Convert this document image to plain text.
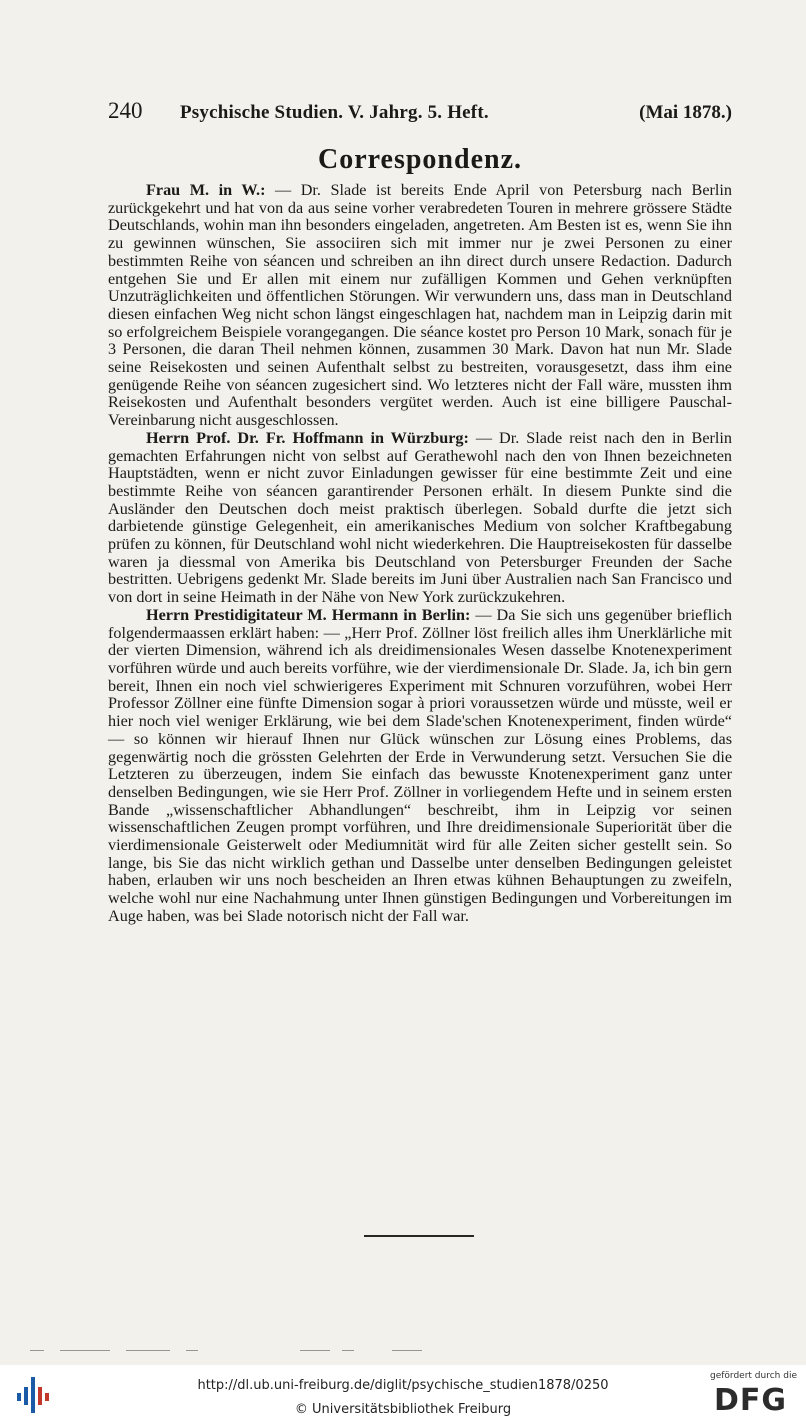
240 Psychische Studien. V. Jahrg. 5. Heft.	(Mai 1878.)
Correspondenz.

Frau M. in W.: — Dr. Slade ist bereits Ende April von Petersburg nach Berlin zurückgekehrt und hat von da aus seine vorher verabredeten Touren in mehrere grössere Städte Deutschlands, wohin man ihn besonders eingeladen, angetreten. Am Besten ist es, wenn Sie ihn zu gewinnen wünschen, Sie associiren sich mit immer nur je zwei Personen zu einer bestimmten Reihe von séancen und schreiben an ihn direct durch unsere Redaction. Dadurch entgehen Sie und Er allen mit einem nur zufälligen Kommen und Gehen verknüpften Unzuträglichkeiten und öffentlichen Störungen. Wir verwundern uns, dass man in Deutschland diesen einfachen Weg nicht schon längst eingeschlagen hat, nachdem man in Leipzig darin mit so erfolgreichem Beispiele vorangegangen. Die séance kostet pro Person 10 Mark, sonach für je 3 Personen, die daran Theil nehmen können, zusammen 30 Mark. Davon hat nun Mr. Slade seine Reisekosten und seinen Aufenthalt selbst zu bestreiten, vorausgesetzt, dass ihm eine genügende Reihe von séancen zugesichert sind. Wo letzteres nicht der Fall wäre, mussten ihm Reisekosten und Aufenthalt besonders vergütet werden. Auch ist eine billigere Pauschal-Vereinbarung nicht ausgeschlossen.

Herrn Prof. Dr. Fr. Hoffmann in Würzburg: — Dr. Slade reist nach den in Berlin gemachten Erfahrungen nicht von selbst auf Gerathewohl nach den von Ihnen bezeichneten Hauptstädten, wenn er nicht zuvor Einladungen gewisser für eine bestimmte Zeit und eine bestimmte Reihe von séancen garantirender Personen erhält. In diesem Punkte sind die Ausländer den Deutschen doch meist praktisch überlegen. Sobald durfte die jetzt sich darbietende günstige Gelegenheit, ein amerikanisches Medium von solcher Kraftbegabung prüfen zu können, für Deutschland wohl nicht wiederkehren. Die Hauptreisekosten für dasselbe waren ja diessmal von Amerika bis Deutschland von Petersburger Freunden der Sache bestritten. Uebrigens gedenkt Mr. Slade bereits im Juni über Australien nach San Francisco und von dort in seine Heimath in der Nähe von New York zurückzukehren.

Herrn Prestidigitateur M. Hermann in Berlin: — Da Sie sich uns gegenüber brieflich folgendermaassen erklärt haben: — „Herr Prof. Zöllner löst freilich alles ihm Unerklärliche mit der vierten Dimension, während ich als dreidimensionales Wesen dasselbe Knotenexperiment vorführen würde und auch bereits vorführe, wie der vierdimensionale Dr. Slade. Ja, ich bin gern bereit, Ihnen ein noch viel schwierigeres Experiment mit Schnuren vorzuführen, wobei Herr Professor Zöllner eine fünfte Dimension sogar à priori voraussetzen würde und müsste, weil er hier noch viel weniger Erklärung, wie bei dem Slade'schen Knotenexperiment, finden würde“ — so können wir hierauf Ihnen nur Glück wünschen zur Lösung eines Problems, das gegenwärtig noch die grössten Gelehrten der Erde in Verwunderung setzt. Versuchen Sie die Letzteren zu überzeugen, indem Sie einfach das bewusste Knotenexperiment ganz unter denselben Bedingungen, wie sie Herr Prof. Zöllner in vorliegendem Hefte und in seinem ersten Bande „wissenschaftlicher Abhandlungen“ beschreibt, ihm in Leipzig vor seinen wissenschaftlichen Zeugen prompt vorführen, und Ihre dreidimensionale Superiorität über die vierdimensionale Geisterwelt oder Mediumnität wird für alle Zeiten sicher gestellt sein. So lange, bis Sie das nicht wirklich gethan und Dasselbe unter denselben Bedingungen geleistet haben, erlauben wir uns noch bescheiden an Ihren etwas kühnen Behauptungen zu zweifeln, welche wohl nur eine Nachahmung unter Ihnen günstigen Bedingungen und Vorbereitungen im Auge haben, was bei Slade notorisch nicht der Fall war.

http://dl.ub.uni-freiburg.de/diglit/psychische_studien1878/0250
© Universitätsbibliothek Freiburg
gefördert durch die
DFG
